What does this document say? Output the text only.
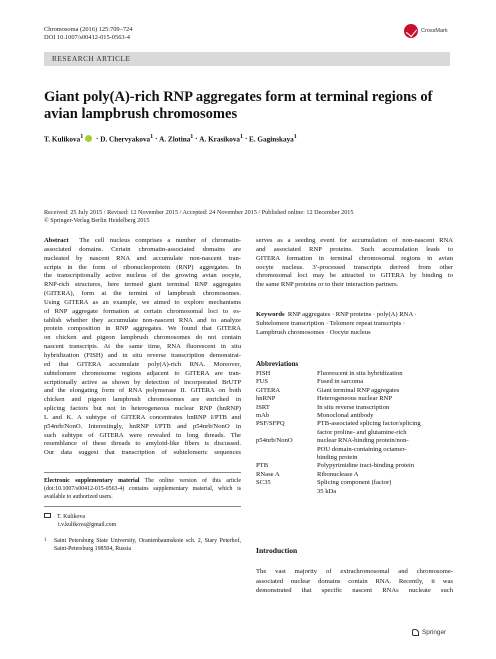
Chromosoma (2016) 125:709–724
DOI 10.1007/s00412-015-0563-4
CrossMark
RESEARCH ARTICLE
Giant poly(A)-rich RNP aggregates form at terminal regions of avian lampbrush chromosomes
T. Kulikova$^1$ · D. Chervyakova$^1$ · A. Zlotina$^1$ · A. Krasikova$^1$ · E. Gaginskaya$^1$
Received: 25 July 2015 / Revised: 12 November 2015 / Accepted: 24 November 2015 / Published online: 12 December 2015
© Springer-Verlag Berlin Heidelberg 2015
Abstract The cell nucleus comprises a number of chromatin-
associated domains. Certain chromatin-associated domains are
nucleated by nascent RNA and accumulate non-nascent tran-
scripts in the form of ribonucleoprotein (RNP) aggregates. In
the transcriptionally active nucleus of the growing avian oocyte,
RNP-rich structures, here termed giant terminal RNP aggregates
(GITERA), form at the termini of lampbrush chromosomes.
Using GITERA as an example, we aimed to explore mechanisms
of RNP aggregate formation at certain chromosomal loci to es-
tablish whether they accumulate non-nascent RNA and to analyze
protein composition in RNP aggregates. We found that GITERA
on chicken and pigeon lampbrush chromosomes do not contain
nascent transcripts. At the same time, RNA fluorescent in situ
hybridization (FISH) and in situ reverse transcription demonstrat-
ed that GITERA accumulate poly(A)-rich RNA. Moreover,
subtelomere chromosome regions adjacent to GITERA are tran-
scriptionally active as shown by detection of incorporated BrUTP
and the elongating form of RNA polymerase II. GITERA on both
chicken and pigeon lampbrush chromosomes are enriched in
splicing factors but not in heterogeneous nuclear RNP (hnRNP)
L and K. A subtype of GITERA concentrates hnRNP I/PTB and
p54nrb/NonO. Interestingly, hnRNP I/PTB and p54nrb/NonO in
such subtype of GITERA were revealed in long threads. The
resemblance of these threads to amyloid-like fibers is discussed.
Our data suggest that transcription of subtelomeric sequences
Electronic supplementary material The online version of this article (doi:10.1007/s00412-015-0563-4) contains supplementary material, which is available to authorized users.
T. Kulikova
t.v.kulikova@gmail.com
1	Saint Petersburg State University, Oranienbaumskoie sch. 2, Stary Peterhof, Saint-Petersburg 198504, Russia
serves as a seeding event for accumulation of non-nascent RNA
and associated RNP proteins. Such accumulation leads to
GITERA formation in terminal chromosomal regions in avian
oocyte nucleus. 3′-processed transcripts derived from other
chromosomal loci may be attracted to GITERA by binding to
the same RNP proteins or to their interaction partners.
Keywords RNP aggregates · RNP proteins · poly(A) RNA ·
Subtelomere transcription · Telomere repeat transcripts ·
Lampbrush chromosomes · Oocyte nucleus
Abbreviations
FISH	Fluorescent in situ hybridization
FUS	Fused in sarcoma
GITERA	Giant terminal RNP aggregates
hnRNP	Heterogeneous nuclear RNP
ISRT	In situ reverse transcription
mAb	Monoclonal antibody
PSF/SFPQ	PTB-associated splicing factor/splicing
factor proline- and glutamine-rich
p54nrb/NonO	nuclear RNA-binding protein/non-
POU domain-containing octamer-
binding protein
PTB	Polypyrimidine tract-binding protein
RNase A	Ribonuclease A
SC35	Splicing component (factor)
35 kDa
Introduction
The vast majority of extrachromosomal and chromosome-
associated nuclear domains contain RNA. Recently, it was
demonstrated that specific nascent RNAs nucleate such
Springer
